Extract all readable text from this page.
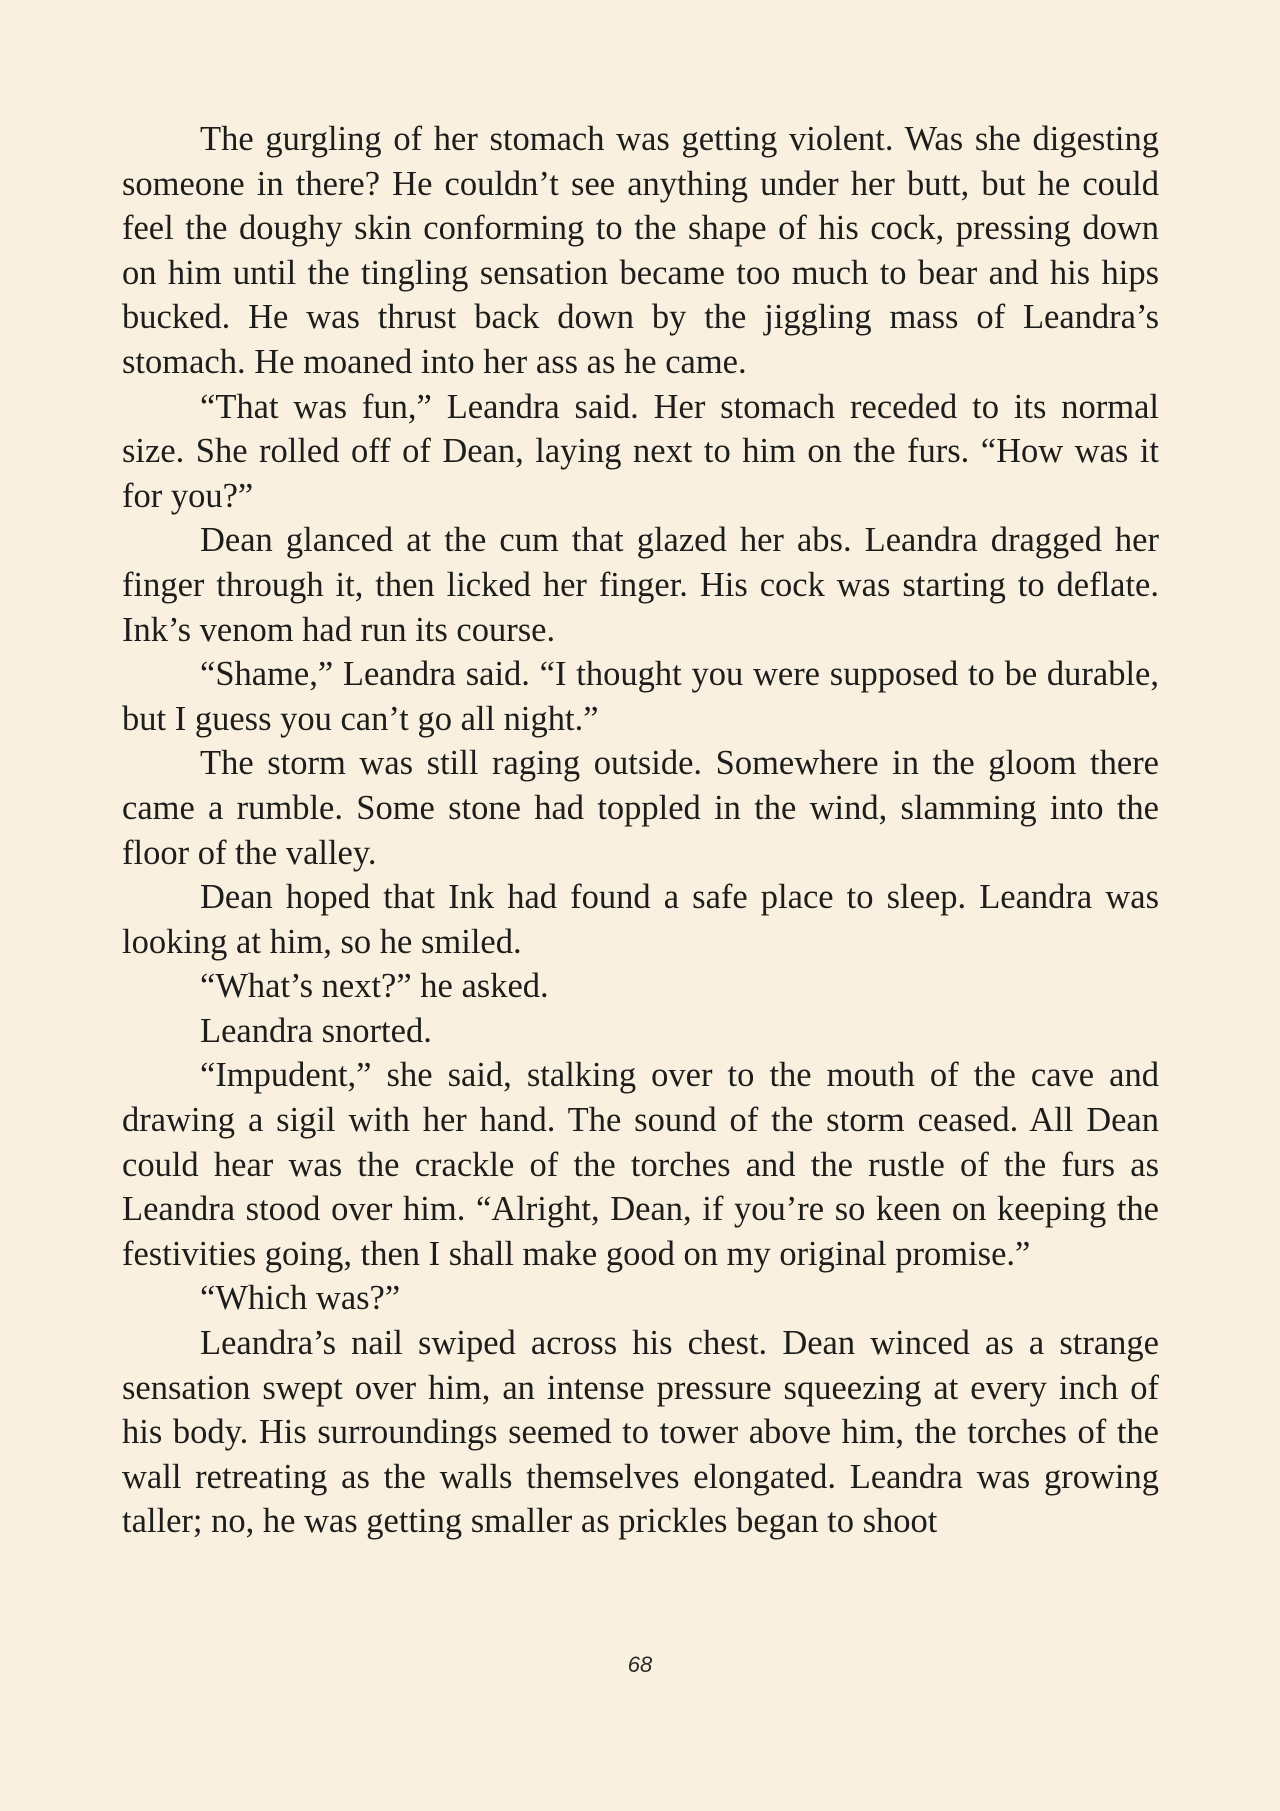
The gurgling of her stomach was getting violent. Was she digesting someone in there? He couldn’t see anything under her butt, but he could feel the doughy skin conforming to the shape of his cock, pressing down on him until the tingling sensation became too much to bear and his hips bucked. He was thrust back down by the jiggling mass of Leandra’s stomach. He moaned into her ass as he came.

“That was fun,” Leandra said. Her stomach receded to its normal size. She rolled off of Dean, laying next to him on the furs. “How was it for you?”

Dean glanced at the cum that glazed her abs. Leandra dragged her finger through it, then licked her finger. His cock was starting to deflate. Ink’s venom had run its course.

“Shame,” Leandra said. “I thought you were supposed to be durable, but I guess you can’t go all night.”

The storm was still raging outside. Somewhere in the gloom there came a rumble. Some stone had toppled in the wind, slamming into the floor of the valley.

Dean hoped that Ink had found a safe place to sleep. Leandra was looking at him, so he smiled.

“What’s next?” he asked.

Leandra snorted.

“Impudent,” she said, stalking over to the mouth of the cave and drawing a sigil with her hand. The sound of the storm ceased. All Dean could hear was the crackle of the torches and the rustle of the furs as Leandra stood over him. “Alright, Dean, if you’re so keen on keeping the festivities going, then I shall make good on my original promise.”

“Which was?”

Leandra’s nail swiped across his chest. Dean winced as a strange sensation swept over him, an intense pressure squeezing at every inch of his body. His surroundings seemed to tower above him, the torches of the wall retreating as the walls themselves elongated. Leandra was growing taller; no, he was getting smaller as prickles began to shoot

68
